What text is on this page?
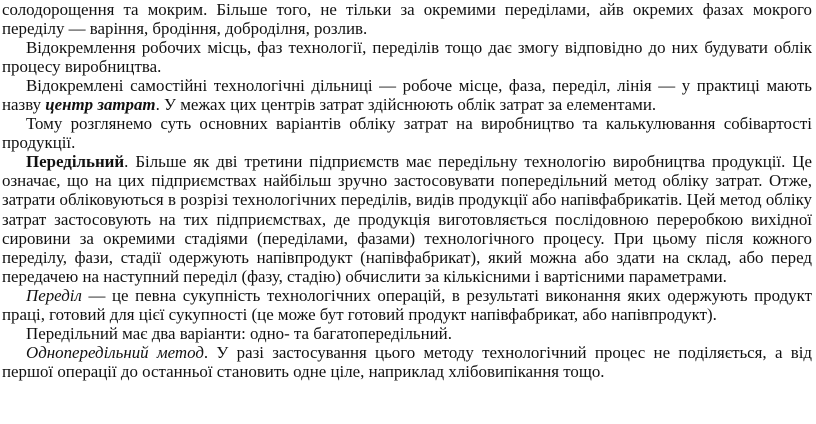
солодорощення та мокрим. Більше того, не тільки за окремими переділами, айв окремих фазах мокрого переділу — варіння, бродіння, доброділня, розлив.

Відокремлення робочих місць, фаз технології, переділів тощо дає змогу відповідно до них будувати облік процесу виробництва.

Відокремлені самостійні технологічні дільниці — робоче місце, фаза, переділ, лінія — у практиці мають назву центр затрат. У межах цих центрів затрат здійснюють облік затрат за елементами.

Тому розглянемо суть основних варіантів обліку затрат на виробництво та калькулювання собівартості продукції.

Передільний. Більше як дві третини підприємств має передільну технологію виробництва продукції. Це означає, що на цих підприємствах найбільш зручно застосовувати попередільний метод обліку затрат. Отже, затрати обліковуються в розрізі технологічних переділів, видів продукції або напівфабрикатів. Цей метод обліку затрат застосовують на тих підприємствах, де продукція виготовляється послідовною переробкою вихідної сировини за окремими стадіями (переділами, фазами) технологічного процесу. При цьому після кожного переділу, фази, стадії одержують напівпродукт (напівфабрикат), який можна або здати на склад, або перед передачею на наступний переділ (фазу, стадію) обчислити за кількісними і вартісними параметрами.

Переділ — це певна сукупність технологічних операцій, в результаті виконання яких одержують продукт праці, готовий для цієї сукупності (це може бут готовий продукт напівфабрикат, або напівпродукт).

Передільний має два варіанти: одно- та багатопередільний.

Однопередільний метод. У разі застосування цього методу технологічний процес не поділяється, а від першої операції до останньої становить одне ціле, наприклад хлібовипікання тощо.
